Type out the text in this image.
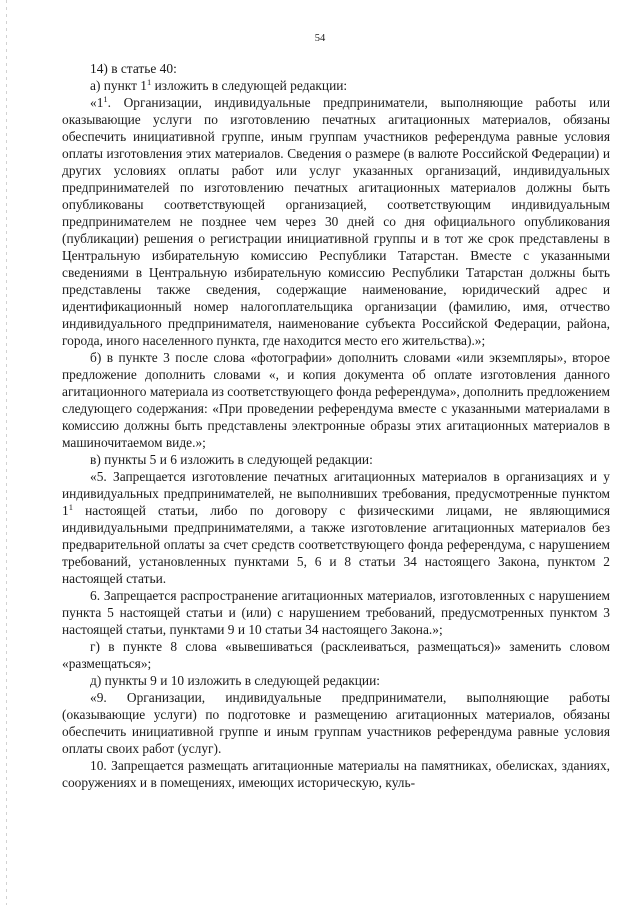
54

14) в статье 40:

а) пункт $1^1$ изложить в следующей редакции:

«$1^1$. Организации, индивидуальные предприниматели, выполняющие работы или оказывающие услуги по изготовлению печатных агитационных материалов, обязаны обеспечить инициативной группе, иным группам участников референдума равные условия оплаты изготовления этих материалов. Сведения о размере (в валюте Российской Федерации) и других условиях оплаты работ или услуг указанных организаций, индивидуальных предпринимателей по изготовлению печатных агитационных материалов должны быть опубликованы соответствующей организацией, соответствующим индивидуальным предпринимателем не позднее чем через 30 дней со дня официального опубликования (публикации) решения о регистрации инициативной группы и в тот же срок представлены в Центральную избирательную комиссию Республики Татарстан. Вместе с указанными сведениями в Центральную избирательную комиссию Республики Татарстан должны быть представлены также сведения, содержащие наименование, юридический адрес и идентификационный номер налогоплательщика организации (фамилию, имя, отчество индивидуального предпринимателя, наименование субъекта Российской Федерации, района, города, иного населенного пункта, где находится место его жительства).»;

б) в пункте 3 после слова «фотографии» дополнить словами «или экземпляры», второе предложение дополнить словами «, и копия документа об оплате изготовления данного агитационного материала из соответствующего фонда референдума», дополнить предложением следующего содержания: «При проведении референдума вместе с указанными материалами в комиссию должны быть представлены электронные образы этих агитационных материалов в машиночитаемом виде.»;

в) пункты 5 и 6 изложить в следующей редакции:

«5. Запрещается изготовление печатных агитационных материалов в организациях и у индивидуальных предпринимателей, не выполнивших требования, предусмотренные пунктом $1^1$ настоящей статьи, либо по договору с физическими лицами, не являющимися индивидуальными предпринимателями, а также изготовление агитационных материалов без предварительной оплаты за счет средств соответствующего фонда референдума, с нарушением требований, установленных пунктами 5, 6 и 8 статьи 34 настоящего Закона, пунктом 2 настоящей статьи.

6. Запрещается распространение агитационных материалов, изготовленных с нарушением пункта 5 настоящей статьи и (или) с нарушением требований, предусмотренных пунктом 3 настоящей статьи, пунктами 9 и 10 статьи 34 настоящего Закона.»;

г) в пункте 8 слова «вывешиваться (расклеиваться, размещаться)» заменить словом «размещаться»;

д) пункты 9 и 10 изложить в следующей редакции:

«9. Организации, индивидуальные предприниматели, выполняющие работы (оказывающие услуги) по подготовке и размещению агитационных материалов, обязаны обеспечить инициативной группе и иным группам участников референдума равные условия оплаты своих работ (услуг).

10. Запрещается размещать агитационные материалы на памятниках, обелисках, зданиях, сооружениях и в помещениях, имеющих историческую, куль-
